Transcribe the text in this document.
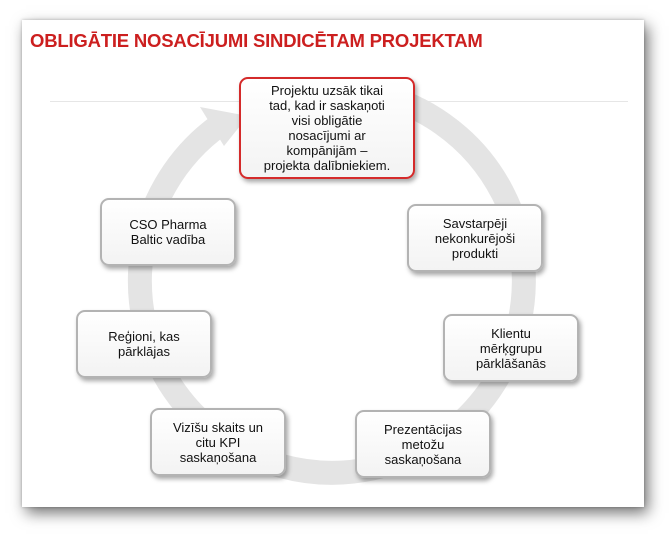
OBLIGĀTIE NOSACĪJUMI SINDICĒTAM PROJEKTAM
Projektu uzsāk tikai
tad, kad ir saskaņoti
visi obligātie
nosacījumi ar
kompānijām –
projekta dalībniekiem.
Savstarpēji
nekonkurējoši
produkti
Klientu
mērķgrupu
pārklāšanās
Prezentācijas
metožu
saskaņošana
Vizīšu skaits un
citu KPI
saskaņošana
Reģioni, kas
pārklājas
CSO Pharma
Baltic vadība
